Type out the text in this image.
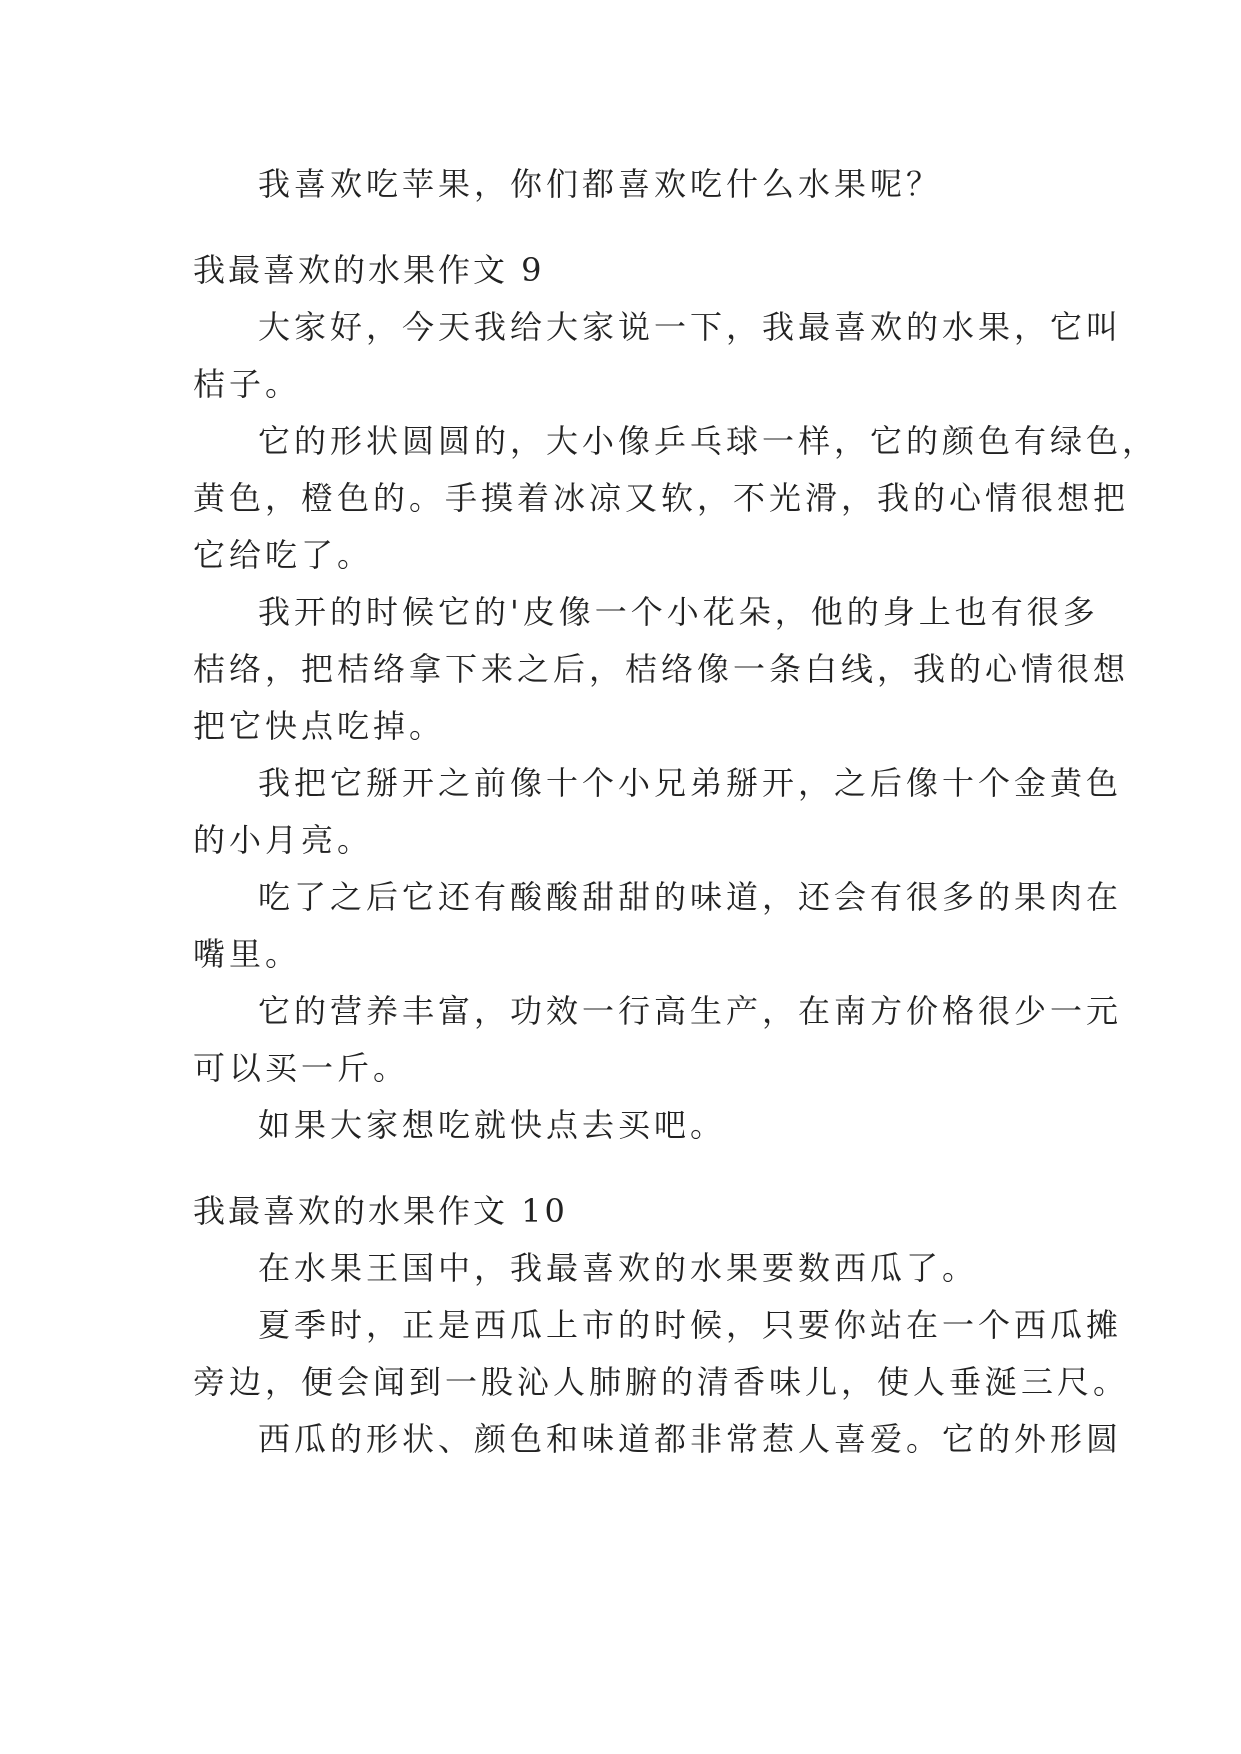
我喜欢吃苹果，你们都喜欢吃什么水果呢？
我最喜欢的水果作文 9
大家好，今天我给大家说一下，我最喜欢的水果，它叫
桔子。
它的形状圆圆的，大小像乒乓球一样，它的颜色有绿色，
黄色，橙色的。手摸着冰凉又软，不光滑，我的心情很想把
它给吃了。
我开的时候它的'皮像一个小花朵，他的身上也有很多
桔络，把桔络拿下来之后，桔络像一条白线，我的心情很想
把它快点吃掉。
我把它掰开之前像十个小兄弟掰开，之后像十个金黄色
的小月亮。
吃了之后它还有酸酸甜甜的味道，还会有很多的果肉在
嘴里。
它的营养丰富，功效一行高生产，在南方价格很少一元
可以买一斤。
如果大家想吃就快点去买吧。
我最喜欢的水果作文 10
在水果王国中，我最喜欢的水果要数西瓜了。
夏季时，正是西瓜上市的时候，只要你站在一个西瓜摊
旁边，便会闻到一股沁人肺腑的清香味儿，使人垂涎三尺。
西瓜的形状、颜色和味道都非常惹人喜爱。它的外形圆
